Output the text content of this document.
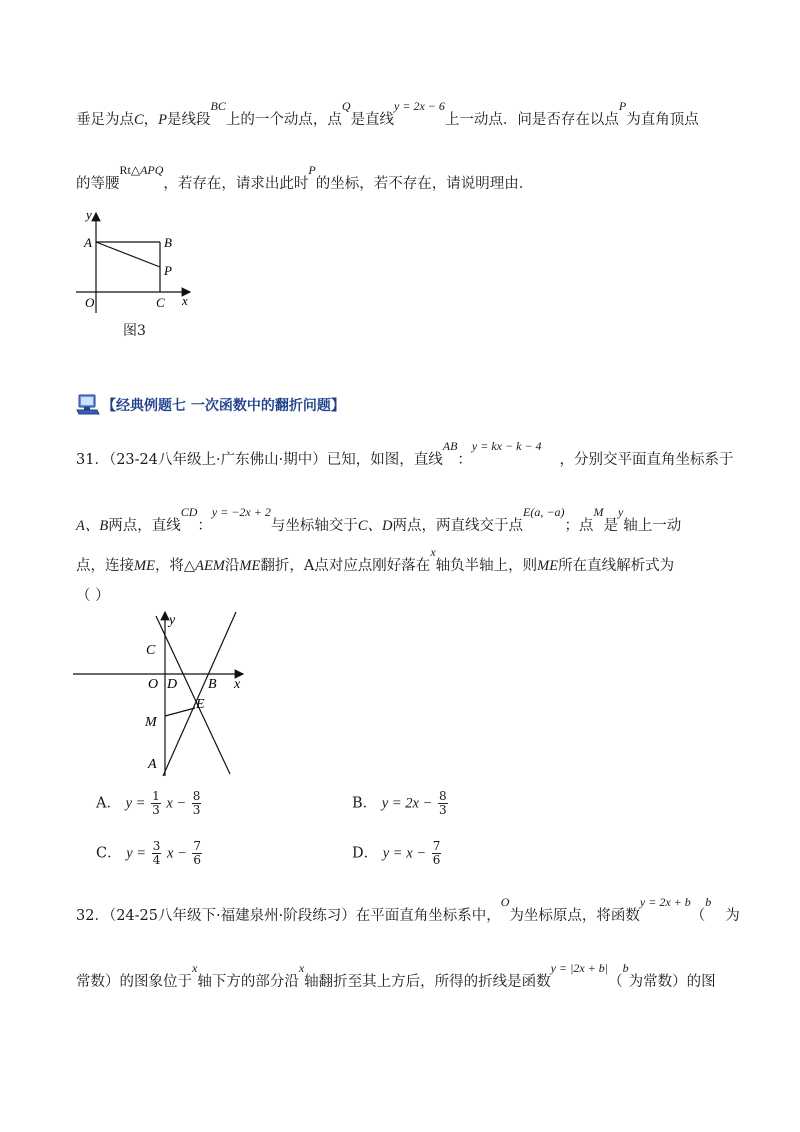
垂足为点C，P是线段$^{BC}$上的一个动点，点$^Q$是直线$^{y = 2x - 6}$上一动点．问是否存在以点$^P$为直角顶点
的等腰$^{Rt\triangle APQ}$，若存在，请求出此时$^P$的坐标，若不存在，请说明理由．
y
A	B
P
O	C x
图3
【经典例题七 一次函数中的翻折问题】
31．（23-24八年级上·广东佛山·期中）已知，如图，直线$^{AB}$：$^{y = kx - k - 4}$，分别交平面直角坐标系于
A、B两点，直线$^{CD}$：$^{y = -2x + 2}$与坐标轴交于C、D两点，两直线交于点$^{E(a, -a)}$；点$^M$是$^y$轴上一动
点，连接ME，将△AEM沿ME翻折，A点对应点刚好落在$^x$轴负半轴上，则ME所在直线解析式为
（ ）
y
C
O D B x
E
M
A
A． $y = \frac{1}{3}$ $x - \frac{8}{3}$	B． $y = 2x - \frac{8}{3}$
C． $y = \frac{3}{4}$ $x - \frac{7}{6}$	D． $y = x - \frac{7}{6}$
32．（24-25八年级下·福建泉州·阶段练习）在平面直角坐标系中，$^O$为坐标原点，将函数$^{y = 2x + b}$（$^b$为
常数）的图象位于$^x$轴下方的部分沿$^x$轴翻折至其上方后，所得的折线是函数$^{y = |2x + b|}$（$^b$为常数）的图
